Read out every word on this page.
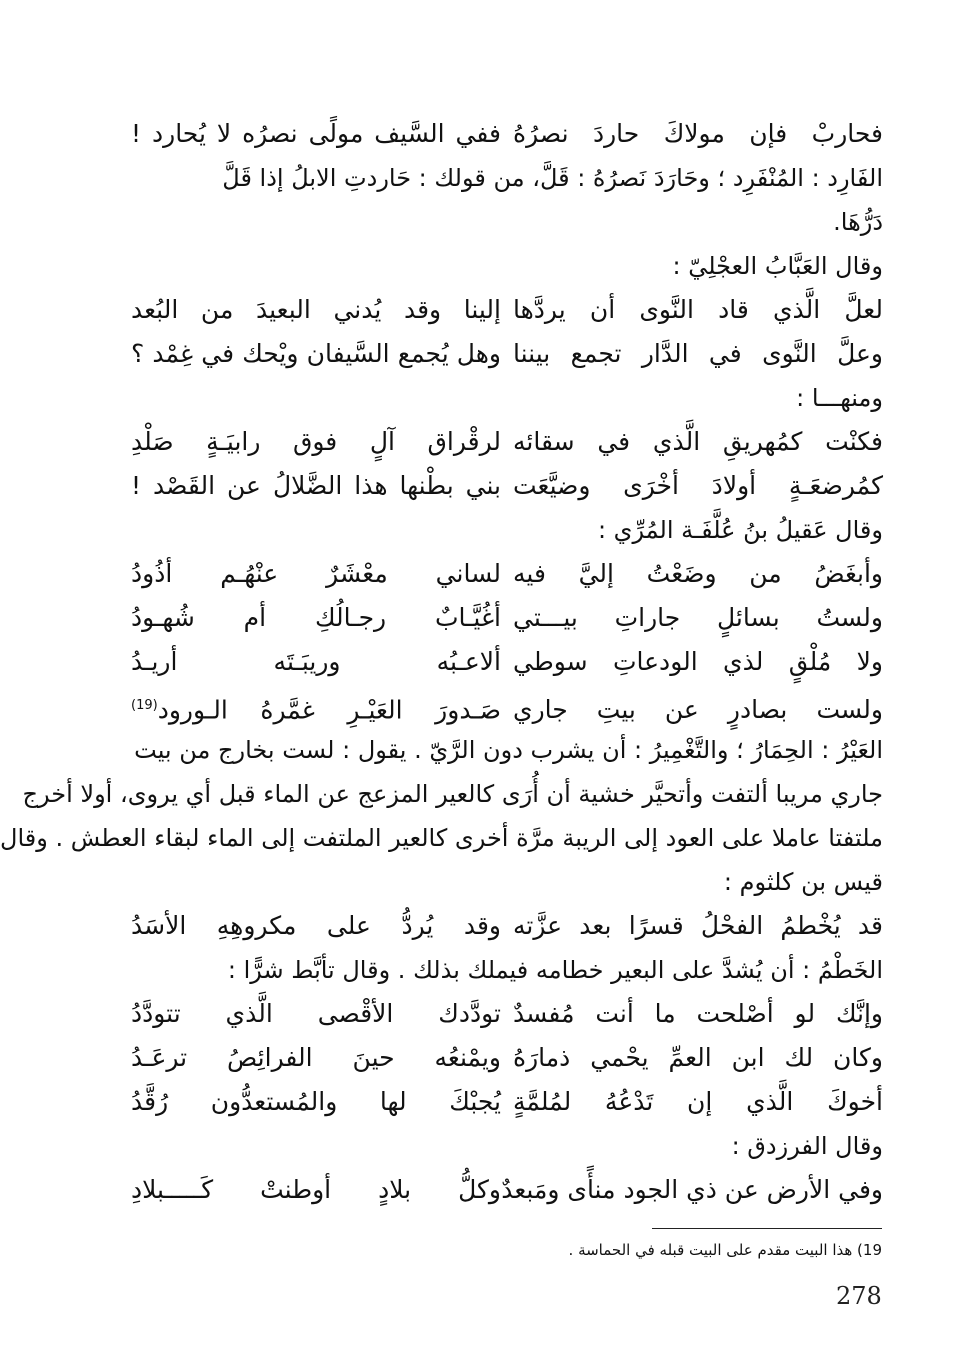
فحاربْ فإن مولاكَ حاردَ نصرُهُ
ففي السَّيف مولًى نصرُه لا يُحارد !
الفَارِد : المُنْفَرِد ؛ وحَارَدَ نَصرُهُ : قَلَّ، من قولك : حَاردتِ الابلُ إذا قَلَّ
دَرُّهَا.
وقال العَبَّابُ العجْلِيّ :
لعلَّ الَّذي قاد النَّوى أن يردَّها
إلينا وقد يُدني البعيدَ من البُعد
وعلَّ النَّوى في الدَّار تجمع بيننا
وهل يُجمع السَّيفان ويْحك في غِمْد ؟
ومنهـــا :
فكنْت كمُهريقِ الَّذي في سقائه
لرقْراق آلٍ فوق رابيَـةٍ صَلْدِ
كمُرضعَـةٍ أولادَ أخْرَى وضيَّعَت
بني بطْنها هذا الضَّلالُ عن القَصْد !
وقال عَقيلُ بنُ عُلَّفَـة المُرِّي :
وأبغَضُ من وضَعْتُ إليَّ فيه
لساني معْشَرٌ عنْهُـم أذُودُ
ولستُ بسائلٍ جاراتِ بيـــتي
أغُيَّـابٌ رجـالُكِ أم شُهـودُ
ولا مُلْقٍ لذي الودعاتِ سوطي
ألاعـبُه وريبَـتَه أريـدُ
ولست بصادرٍ عن بيتِ جاري
صَـدورَ العَيْـرِ غمَّرهُ الـورود$^{(19)}$
العَيْرُ : الحِمَارُ ؛ والتَّغْمِيرُ : أن يشرب دون الرَّيّ . يقول : لست بخارج من بيت
جاري مريبا ألتفت وأتحيَّر خشية أن أُرَى كالعير المزعج عن الماء قبل أي يروى، أولا أخرج
ملتفتا عاملا على العود إلى الريبة مرَّة أخرى كالعير الملتفت إلى الماء لبقاء العطش . وقال
قيس بن كلثوم :
قد يُخْطمُ الفحْلُ قسرًا بعد عزَّته
وقد يُردُّ على مكروهِهِ الأسَدُ
الخَطْمُ : أن يُشدَّ على البعير خطامه فيملك بذلك . وقال تأبَّط شرًّا :
وإنَّك لو أصْلحت ما أنت مُفسدٌ
تودَّدك الأقْصى الَّذي تتودَّدُ
وكان لك ابن العمِّ يحْمي ذمارَهُ
ويمْنعُه حينَ الفرائِصُ ترعَـدُ
أخوكَ الَّذي إن تَدْعُهُ لمُلمَّةٍ
يُجبْكَ لها والمُستعدُّون رُقَّدُ
وقال الفرزدق :
وفي الأرض عن ذي الجود منأًى ومَبعدٌ
وكلُّ بلادٍ أوطنتْ كَـــــبلادِ
19) هذا البيت مقدم على البيت قبله في الحماسة .
278
